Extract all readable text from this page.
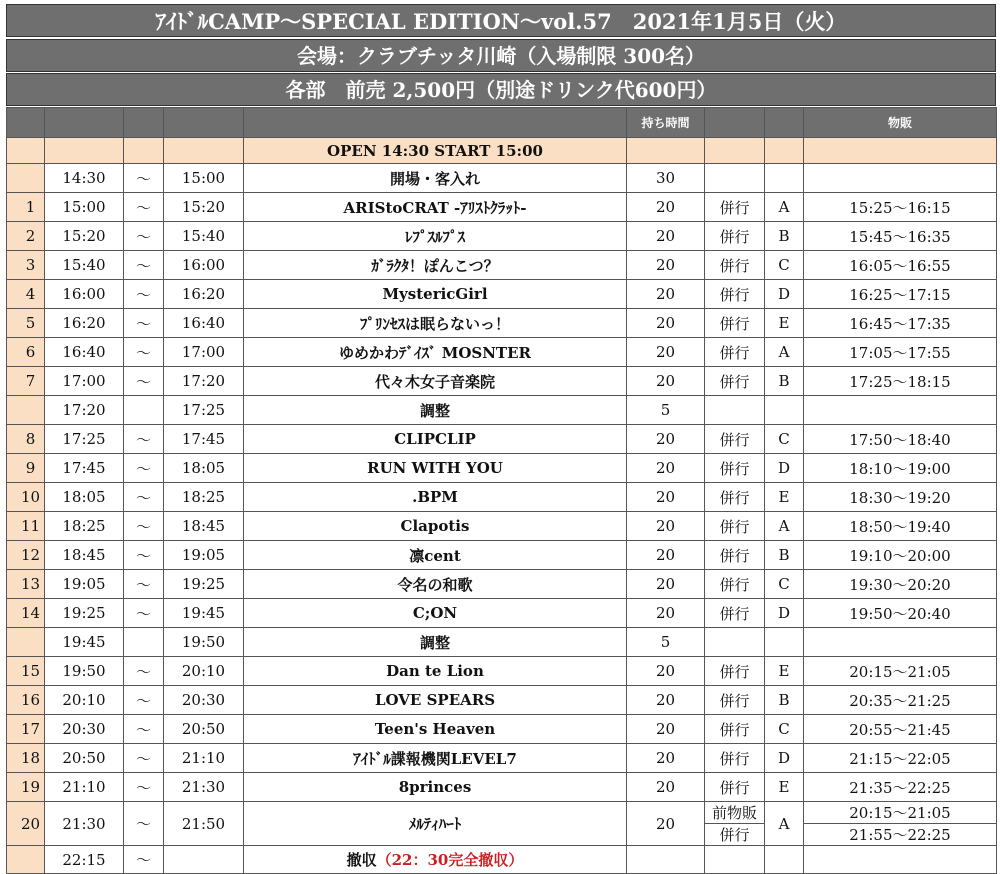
ｱｲﾄﾞﾙCAMP〜SPECIAL EDITION〜vol.57　2021年1月5日（火）
会場：クラブチッタ川崎（入場制限 300名）
各部　前売 2,500円（別途ドリンク代600円）
					持ち時間			物販
				OPEN 14:30 START 15:00				
	14:30	〜	15:00	開場・客入れ	30			
1	15:00	〜	15:20	ARIStoCRAT -ｱﾘｽﾄｸﾗｯﾄ-	20	併行	A	15:25〜16:15
2	15:20	〜	15:40	ﾚﾌﾟｽﾙﾌﾟｽ	20	併行	B	15:45〜16:35
3	15:40	〜	16:00	ｶﾞﾗｸﾀ！ぽんこつ？	20	併行	C	16:05〜16:55
4	16:00	〜	16:20	MystericGirl	20	併行	D	16:25〜17:15
5	16:20	〜	16:40	ﾌﾟﾘﾝｾｽは眠らないっ！	20	併行	E	16:45〜17:35
6	16:40	〜	17:00	ゆめかわﾃﾞｲｽﾞ MOSNTER	20	併行	A	17:05〜17:55
7	17:00	〜	17:20	代々木女子音楽院	20	併行	B	17:25〜18:15
	17:20		17:25	調整	5			
8	17:25	〜	17:45	CLIPCLIP	20	併行	C	17:50〜18:40
9	17:45	〜	18:05	RUN WITH YOU	20	併行	D	18:10〜19:00
10	18:05	〜	18:25	.BPM	20	併行	E	18:30〜19:20
11	18:25	〜	18:45	Clapotis	20	併行	A	18:50〜19:40
12	18:45	〜	19:05	凛cent	20	併行	B	19:10〜20:00
13	19:05	〜	19:25	令名の和歌	20	併行	C	19:30〜20:20
14	19:25	〜	19:45	C;ON	20	併行	D	19:50〜20:40
	19:45		19:50	調整	5			
15	19:50	〜	20:10	Dan te Lion	20	併行	E	20:15〜21:05
16	20:10	〜	20:30	LOVE SPEARS	20	併行	B	20:35〜21:25
17	20:30	〜	20:50	Teen's Heaven	20	併行	C	20:55〜21:45
18	20:50	〜	21:10	ｱｲﾄﾞﾙ諜報機関LEVEL7	20	併行	D	21:15〜22:05
19	21:10	〜	21:30	8princes	20	併行	E	21:35〜22:25
20	21:30	〜	21:50	ﾒﾙﾃｨﾊｰﾄ	20	前物販	A	20:15〜21:05
						併行		21:55〜22:25
	22:15	〜		撤収（22：30完全撤収）				
